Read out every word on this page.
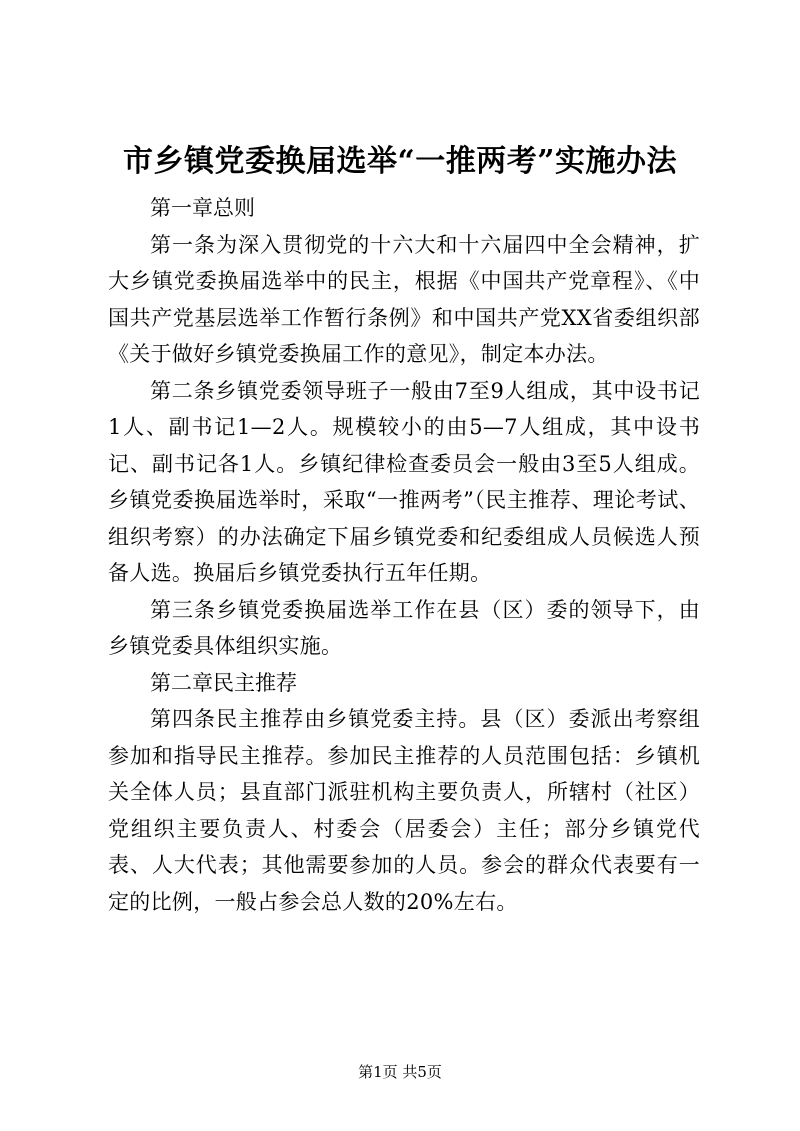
市乡镇党委换届选举“一推两考”实施办法

第一章总则

第一条为深入贯彻党的十六大和十六届四中全会精神，扩大乡镇党委换届选举中的民主，根据《中国共产党章程》、《中国共产党基层选举工作暂行条例》和中国共产党XX省委组织部《关于做好乡镇党委换届工作的意见》，制定本办法。

第二条乡镇党委领导班子一般由7至9人组成，其中设书记1人、副书记1—2人。规模较小的由5—7人组成，其中设书记、副书记各1人。乡镇纪律检查委员会一般由3至5人组成。乡镇党委换届选举时，采取“一推两考”（民主推荐、理论考试、组织考察）的办法确定下届乡镇党委和纪委组成人员候选人预备人选。换届后乡镇党委执行五年任期。

第三条乡镇党委换届选举工作在县（区）委的领导下，由乡镇党委具体组织实施。

第二章民主推荐

第四条民主推荐由乡镇党委主持。县（区）委派出考察组参加和指导民主推荐。参加民主推荐的人员范围包括：乡镇机关全体人员；县直部门派驻机构主要负责人，所辖村（社区）党组织主要负责人、村委会（居委会）主任；部分乡镇党代表、人大代表；其他需要参加的人员。参会的群众代表要有一定的比例，一般占参会总人数的20%左右。

第1页 共5页
